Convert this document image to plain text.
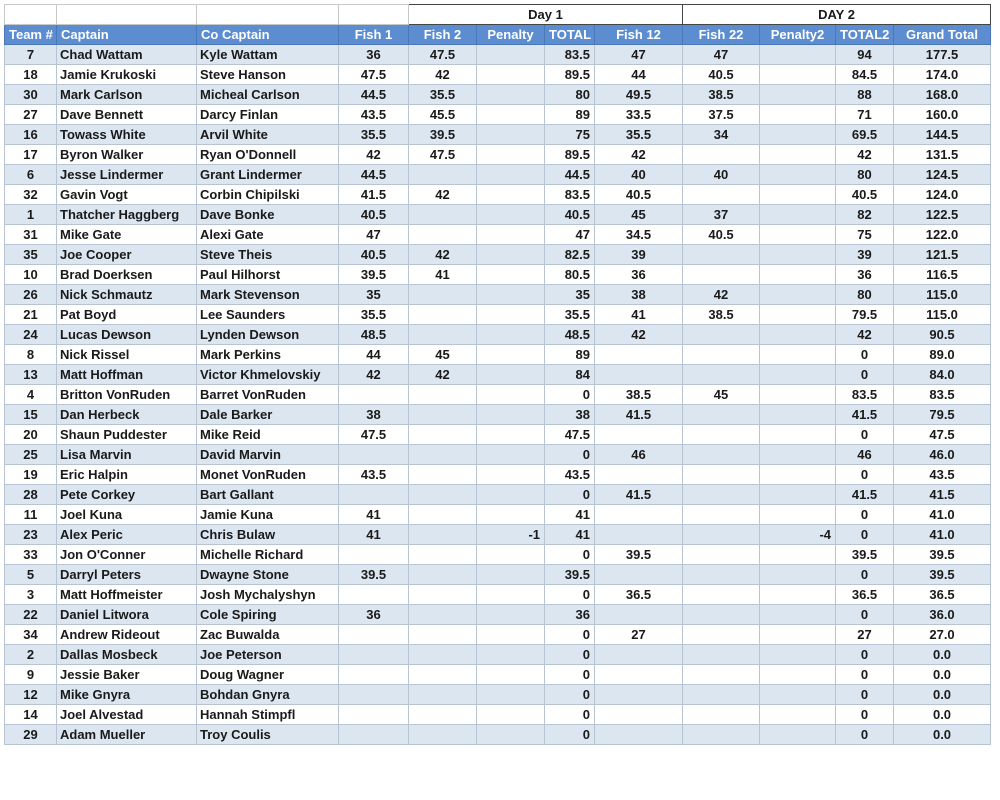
				Day 1				DAY 2			
Team #	Captain	Co Captain	Fish 1	Fish 2	Penalty	TOTAL	Fish 12	Fish 22	Penalty2	TOTAL2	Grand Total
7	Chad Wattam	Kyle Wattam	36	47.5		83.5	47	47		94	177.5
18	Jamie Krukoski	Steve Hanson	47.5	42		89.5	44	40.5		84.5	174.0
30	Mark Carlson	Micheal Carlson	44.5	35.5		80	49.5	38.5		88	168.0
27	Dave Bennett	Darcy Finlan	43.5	45.5		89	33.5	37.5		71	160.0
16	Towass White	Arvil White	35.5	39.5		75	35.5	34		69.5	144.5
17	Byron Walker	Ryan O'Donnell	42	47.5		89.5	42			42	131.5
6	Jesse Lindermer	Grant Lindermer	44.5			44.5	40	40		80	124.5
32	Gavin Vogt	Corbin Chipilski	41.5	42		83.5	40.5			40.5	124.0
1	Thatcher Haggberg	Dave Bonke	40.5			40.5	45	37		82	122.5
31	Mike Gate	Alexi Gate	47			47	34.5	40.5		75	122.0
35	Joe Cooper	Steve Theis	40.5	42		82.5	39			39	121.5
10	Brad Doerksen	Paul Hilhorst	39.5	41		80.5	36			36	116.5
26	Nick Schmautz	Mark Stevenson	35			35	38	42		80	115.0
21	Pat Boyd	Lee Saunders	35.5			35.5	41	38.5		79.5	115.0
24	Lucas Dewson	Lynden Dewson	48.5			48.5	42			42	90.5
8	Nick Rissel	Mark Perkins	44	45		89				0	89.0
13	Matt Hoffman	Victor Khmelovskiy	42	42		84				0	84.0
4	Britton VonRuden	Barret VonRuden				0	38.5	45		83.5	83.5
15	Dan Herbeck	Dale Barker	38			38	41.5			41.5	79.5
20	Shaun Puddester	Mike Reid	47.5			47.5				0	47.5
25	Lisa Marvin	David Marvin				0	46			46	46.0
19	Eric Halpin	Monet VonRuden	43.5			43.5				0	43.5
28	Pete Corkey	Bart Gallant				0	41.5			41.5	41.5
11	Joel Kuna	Jamie Kuna	41			41				0	41.0
23	Alex Peric	Chris Bulaw	41		-1	41			-4	0	41.0
33	Jon O'Conner	Michelle Richard				0	39.5			39.5	39.5
5	Darryl Peters	Dwayne Stone	39.5			39.5				0	39.5
3	Matt Hoffmeister	Josh Mychalyshyn				0	36.5			36.5	36.5
22	Daniel Litwora	Cole Spiring	36			36				0	36.0
34	Andrew Rideout	Zac Buwalda				0	27			27	27.0
2	Dallas Mosbeck	Joe Peterson				0				0	0.0
9	Jessie Baker	Doug Wagner				0				0	0.0
12	Mike Gnyra	Bohdan Gnyra				0				0	0.0
14	Joel Alvestad	Hannah Stimpfl				0				0	0.0
29	Adam Mueller	Troy Coulis				0				0	0.0
